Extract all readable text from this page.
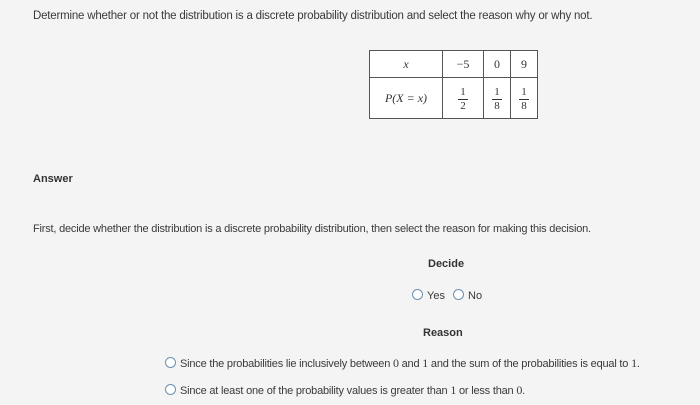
Determine whether or not the distribution is a discrete probability distribution and select the reason why or why not.
x	−5	0	9
P(X = x)	$\frac{1}{2}$	$\frac{1}{8}$	$\frac{1}{8}$
Answer
First, decide whether the distribution is a discrete probability distribution, then select the reason for making this decision.
Decide
Yes No
Reason
Since the probabilities lie inclusively between 0 and 1 and the sum of the probabilities is equal to 1.
Since at least one of the probability values is greater than 1 or less than 0.
